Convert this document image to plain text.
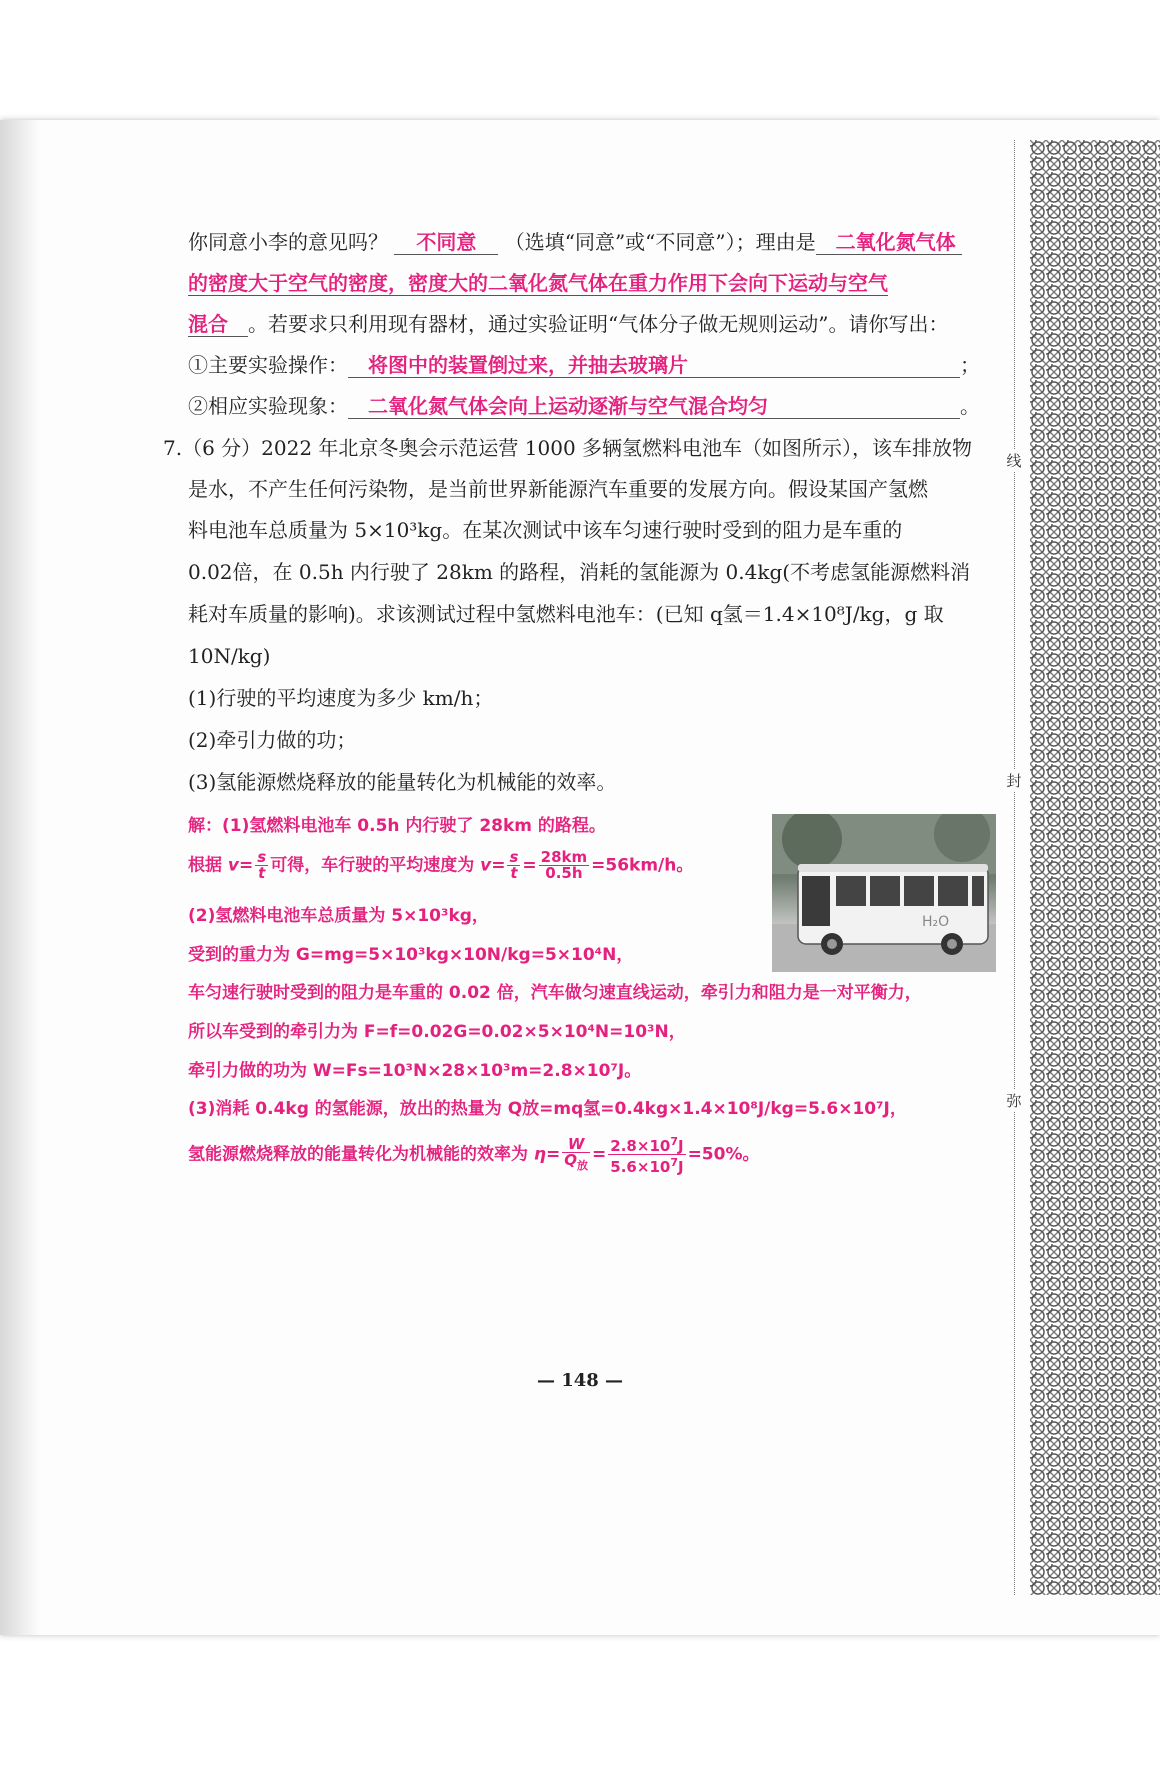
线
封
弥
你同意小李的意见吗？ 不同意 （选填“同意”或“不同意”）；理由是 二氧化氮气体
的密度大于空气的密度，密度大的二氧化氮气体在重力作用下会向下运动与空气
混合 。若要求只利用现有器材，通过实验证明“气体分子做无规则运动”。请你写出：
①主要实验操作： 将图中的装置倒过来，并抽去玻璃片	；
②相应实验现象： 二氧化氮气体会向上运动逐渐与空气混合均匀	。
7.（6 分）2022 年北京冬奥会示范运营 1000 多辆氢燃料电池车（如图所示），该车排放物
是水，不产生任何污染物，是当前世界新能源汽车重要的发展方向。假设某国产氢燃
料电池车总质量为 5×10³kg。在某次测试中该车匀速行驶时受到的阻力是车重的
0.02倍，在 0.5h 内行驶了 28km 的路程，消耗的氢能源为 0.4kg(不考虑氢能源燃料消
耗对车质量的影响)。求该测试过程中氢燃料电池车：(已知 q氢＝1.4×10⁸J/kg，g 取
10N/kg)
(1)行驶的平均速度为多少 km/h；
(2)牵引力做的功；
(3)氢能源燃烧释放的能量转化为机械能的效率。
H₂O
解：(1)氢燃料电池车 0.5h 内行驶了 28km 的路程。
根据 $v= \frac{s}{t}$ 可得，车行驶的平均速度为 $v= \frac{s}{t} = \frac{28km}{0.5h} =56km/h$。
(2)氢燃料电池车总质量为 5×10³kg，
受到的重力为 G=mg=5×10³kg×10N/kg=5×10⁴N，
车匀速行驶时受到的阻力是车重的 0.02 倍，汽车做匀速直线运动，牵引力和阻力是一对平衡力，
所以车受到的牵引力为 F=f=0.02G=0.02×5×10⁴N=10³N，
牵引力做的功为 W=Fs=10³N×28×10³m=2.8×10⁷J。
(3)消耗 0.4kg 的氢能源，放出的热量为 Q放=mq氢=0.4kg×1.4×10⁸J/kg=5.6×10⁷J，
氢能源燃烧释放的能量转化为机械能的效率为 $\eta= \frac{W}{Q_放} = \frac{2.8\times 10^7J}{5.6\times 10^7J} =50\%$。
— 148 —
